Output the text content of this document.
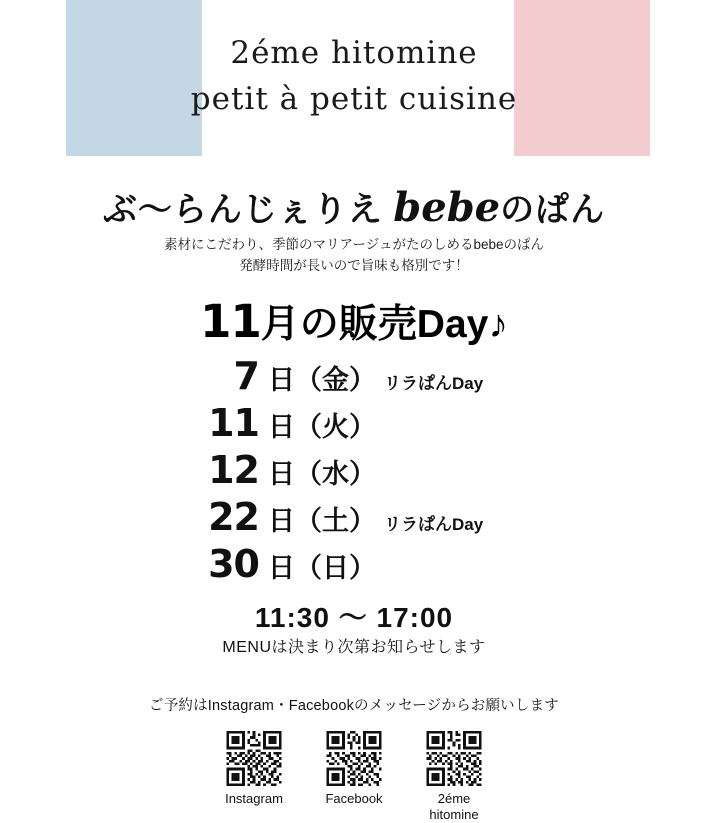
2éme hitomine
petit à petit cuisine
ぶ〜らんじぇりえ bebeのぱん
素材にこだわり、季節のマリアージュがたのしめるbebeのぱん
発酵時間が長いので旨味も格別です！
11月の販売Day♪
7 日（金） リラぱんDay
11 日（火）
12 日（水）
22 日（土） リラぱんDay
30 日（日）
11:30 〜 17:00
MENUは決まり次第お知らせします
ご予約はInstagram・Facebookのメッセージからお願いします
Instagram	Facebook	2éme hitomine
